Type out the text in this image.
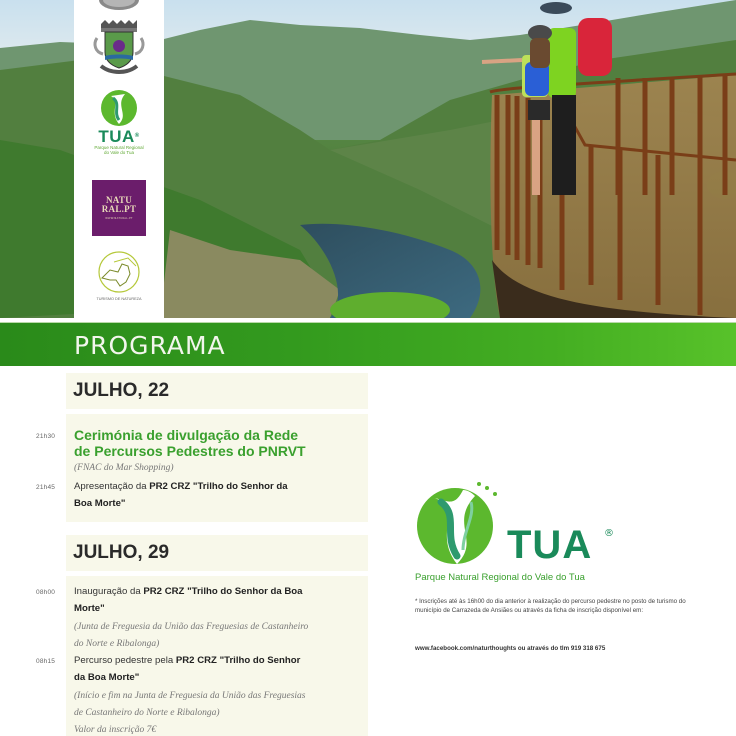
TUA®
Parque Natural Regional
do Vale do Tua
NATU
RAL.PT
WWW.NATURAL.PT
TURISMO DE NATUREZA
PROGRAMA
JULHO, 22
21h30 Cerimónia de divulgação da Rede
de Percursos Pedestres do PNRVT
(FNAC do Mar Shopping)
21h45 Apresentação da PR2 CRZ "Trilho do Senhor da
Boa Morte"
JULHO, 29
08h00 Inauguração da PR2 CRZ "Trilho do Senhor da Boa
Morte"
(Junta de Freguesia da União das Freguesias de Castanheiro
do Norte e Ribalonga)
08h15 Percurso pedestre pela PR2 CRZ "Trilho do Senhor
da Boa Morte"
(Início e fim na Junta de Freguesia da União das Freguesias
de Castanheiro do Norte e Ribalonga)
Valor da inscrição 7€
TUA ®
Parque Natural Regional do Vale do Tua
* Inscrições até às 16h00 do dia anterior à realização do percurso pedestre no posto de turismo do município de Carrazeda de Ansiães ou através da ficha de inscrição disponível em:
www.facebook.com/naturthoughts ou através do tlm 919 318 675
